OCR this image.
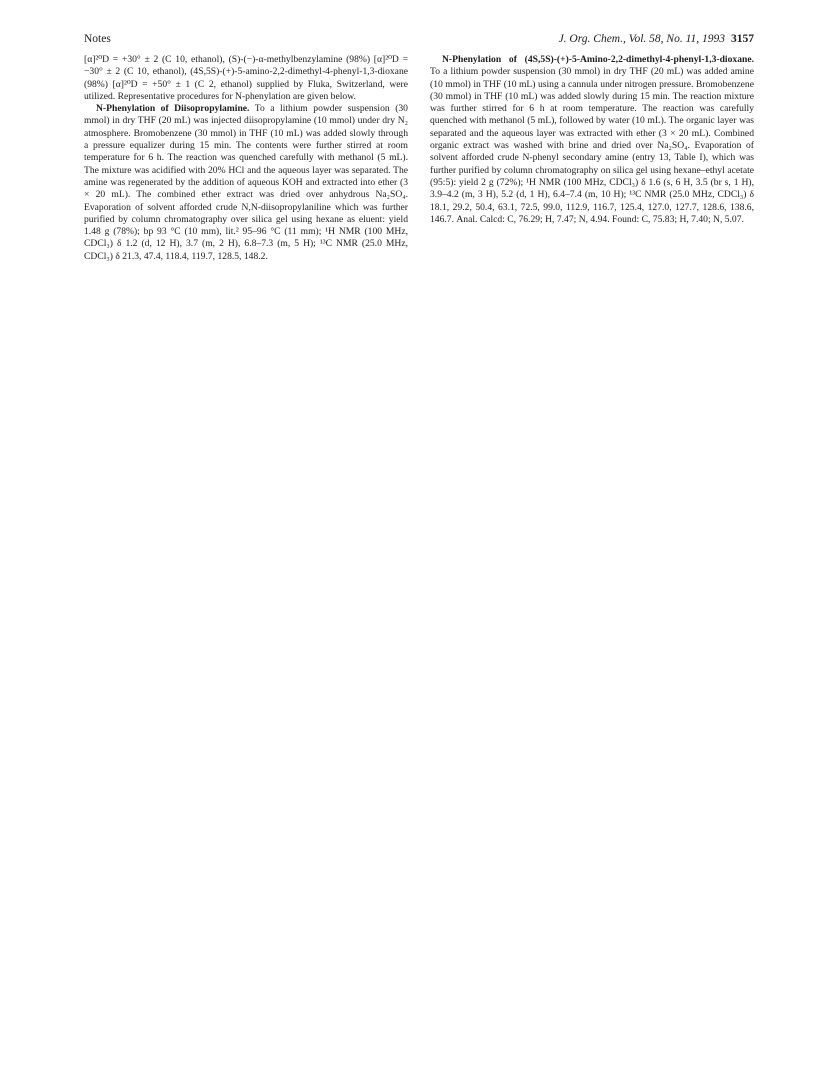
Notes	J. Org. Chem., Vol. 58, No. 11, 1993 3157

[α]²⁰D = +30° ± 2 (C 10, ethanol), (S)-(−)-α-methylbenzylamine (98%) [α]²⁰D = −30° ± 2 (C 10, ethanol), (4S,5S)-(+)-5-amino-2,2-dimethyl-4-phenyl-1,3-dioxane (98%) [α]²⁰D = +50° ± 1 (C 2, ethanol) supplied by Fluka, Switzerland, were utilized. Representative procedures for N-phenylation are given below.

N-Phenylation of Diisopropylamine. To a lithium powder suspension (30 mmol) in dry THF (20 mL) was injected diisopropylamine (10 mmol) under dry N₂ atmosphere. Bromobenzene (30 mmol) in THF (10 mL) was added slowly through a pressure equalizer during 15 min. The contents were further stirred at room temperature for 6 h. The reaction was quenched carefully with methanol (5 mL). The mixture was acidified with 20% HCl and the aqueous layer was separated. The amine was regenerated by the addition of aqueous KOH and extracted into ether (3 × 20 mL). The combined ether extract was dried over anhydrous Na₂SO₄. Evaporation of solvent afforded crude N,N-diisopropylaniline which was further purified by column chromatography over silica gel using hexane as eluent: yield 1.48 g (78%); bp 93 °C (10 mm), lit.² 95–96 °C (11 mm); ¹H NMR (100 MHz, CDCl₃) δ 1.2 (d, 12 H), 3.7 (m, 2 H), 6.8–7.3 (m, 5 H); ¹³C NMR (25.0 MHz, CDCl₃) δ 21.3, 47.4, 118.4, 119.7, 128.5, 148.2.

N-Phenylation of (4S,5S)-(+)-5-Amino-2,2-dimethyl-4-phenyl-1,3-dioxane. To a lithium powder suspension (30 mmol) in dry THF (20 mL) was added amine (10 mmol) in THF (10 mL) using a cannula under nitrogen pressure. Bromobenzene (30 mmol) in THF (10 mL) was added slowly during 15 min. The reaction mixture was further stirred for 6 h at room temperature. The reaction was carefully quenched with methanol (5 mL), followed by water (10 mL). The organic layer was separated and the aqueous layer was extracted with ether (3 × 20 mL). Combined organic extract was washed with brine and dried over Na₂SO₄. Evaporation of solvent afforded crude N-phenyl secondary amine (entry 13, Table I), which was further purified by column chromatography on silica gel using hexane–ethyl acetate (95:5): yield 2 g (72%); ¹H NMR (100 MHz, CDCl₃) δ 1.6 (s, 6 H, 3.5 (br s, 1 H), 3.9–4.2 (m, 3 H), 5.2 (d, 1 H), 6.4–7.4 (m, 10 H); ¹³C NMR (25.0 MHz, CDCl₃) δ 18.1, 29.2, 50.4, 63.1, 72.5, 99.0, 112.9, 116.7, 125.4, 127.0, 127.7, 128.6, 138.6, 146.7. Anal. Calcd: C, 76.29; H, 7.47; N, 4.94. Found: C, 75.83; H, 7.40; N, 5.07.
